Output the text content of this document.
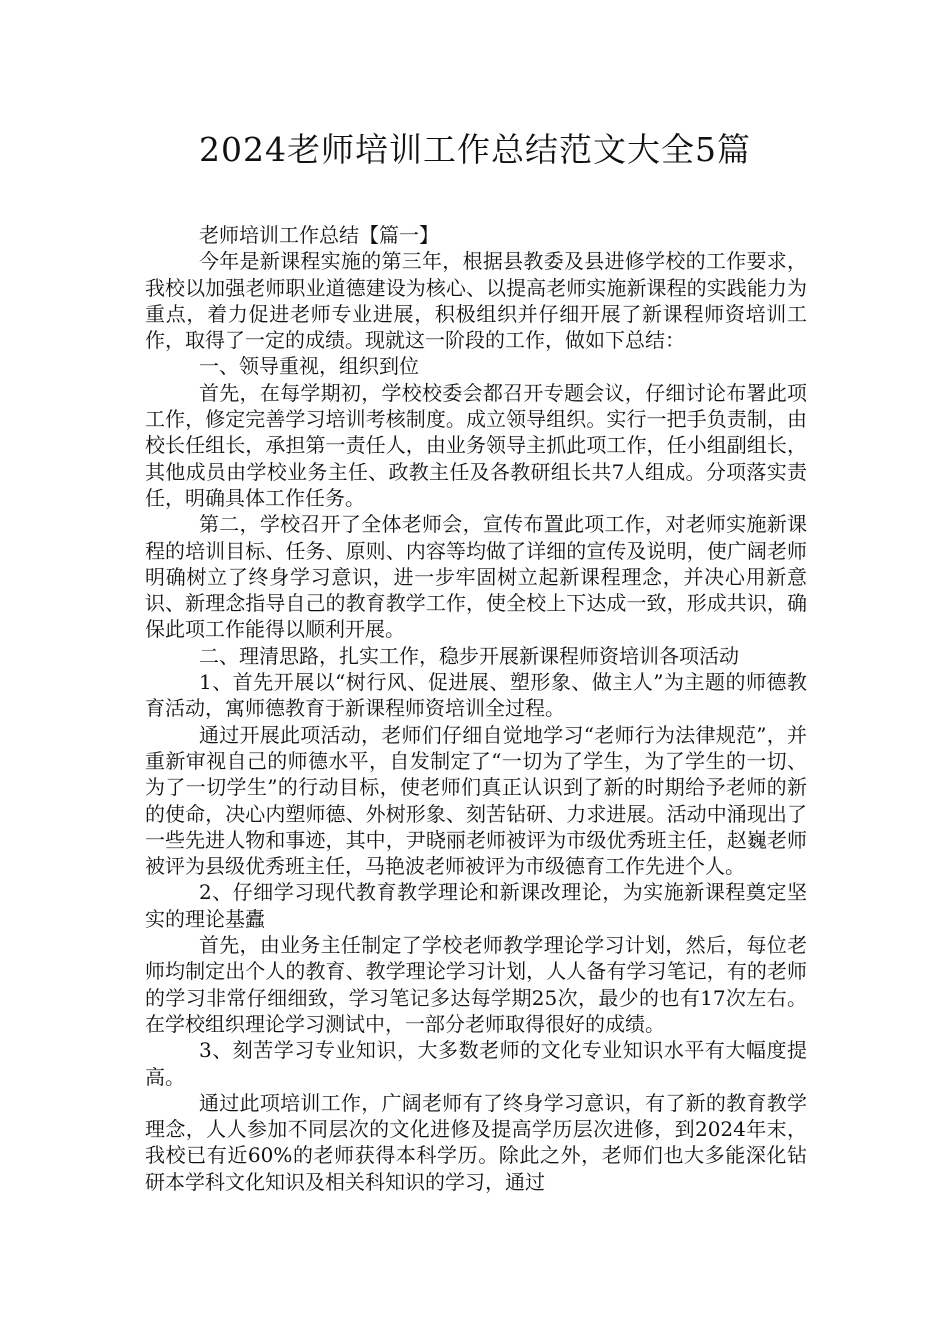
2024老师培训工作总结范文大全5篇

老师培训工作总结【篇一】

今年是新课程实施的第三年，根据县教委及县进修学校的工作要求，我校以加强老师职业道德建设为核心、以提高老师实施新课程的实践能力为重点，着力促进老师专业进展，积极组织并仔细开展了新课程师资培训工作，取得了一定的成绩。现就这一阶段的工作，做如下总结：

一、领导重视，组织到位

首先，在每学期初，学校校委会都召开专题会议，仔细讨论布署此项工作，修定完善学习培训考核制度。成立领导组织。实行一把手负责制，由校长任组长，承担第一责任人，由业务领导主抓此项工作，任小组副组长，其他成员由学校业务主任、政教主任及各教研组长共7人组成。分项落实责任，明确具体工作任务。

第二，学校召开了全体老师会，宣传布置此项工作，对老师实施新课程的培训目标、任务、原则、内容等均做了详细的宣传及说明，使广阔老师明确树立了终身学习意识，进一步牢固树立起新课程理念，并决心用新意识、新理念指导自己的教育教学工作，使全校上下达成一致，形成共识，确保此项工作能得以顺利开展。

二、理清思路，扎实工作，稳步开展新课程师资培训各项活动

1、首先开展以“树行风、促进展、塑形象、做主人”为主题的师德教育活动，寓师德教育于新课程师资培训全过程。

通过开展此项活动，老师们仔细自觉地学习“老师行为法律规范”，并重新审视自己的师德水平，自发制定了“一切为了学生，为了学生的一切、为了一切学生”的行动目标，使老师们真正认识到了新的时期给予老师的新的使命，决心内塑师德、外树形象、刻苦钻研、力求进展。活动中涌现出了一些先进人物和事迹，其中，尹晓丽老师被评为市级优秀班主任，赵巍老师被评为县级优秀班主任，马艳波老师被评为市级德育工作先进个人。

2、仔细学习现代教育教学理论和新课改理论，为实施新课程奠定坚实的理论基蠹

首先，由业务主任制定了学校老师教学理论学习计划，然后，每位老师均制定出个人的教育、教学理论学习计划，人人备有学习笔记，有的老师的学习非常仔细细致，学习笔记多达每学期25次，最少的也有17次左右。在学校组织理论学习测试中，一部分老师取得很好的成绩。

3、刻苦学习专业知识，大多数老师的文化专业知识水平有大幅度提高。

通过此项培训工作，广阔老师有了终身学习意识，有了新的教育教学理念，人人参加不同层次的文化进修及提高学历层次进修，到2024年末，我校已有近60%的老师获得本科学历。除此之外，老师们也大多能深化钻研本学科文化知识及相关科知识的学习，通过
